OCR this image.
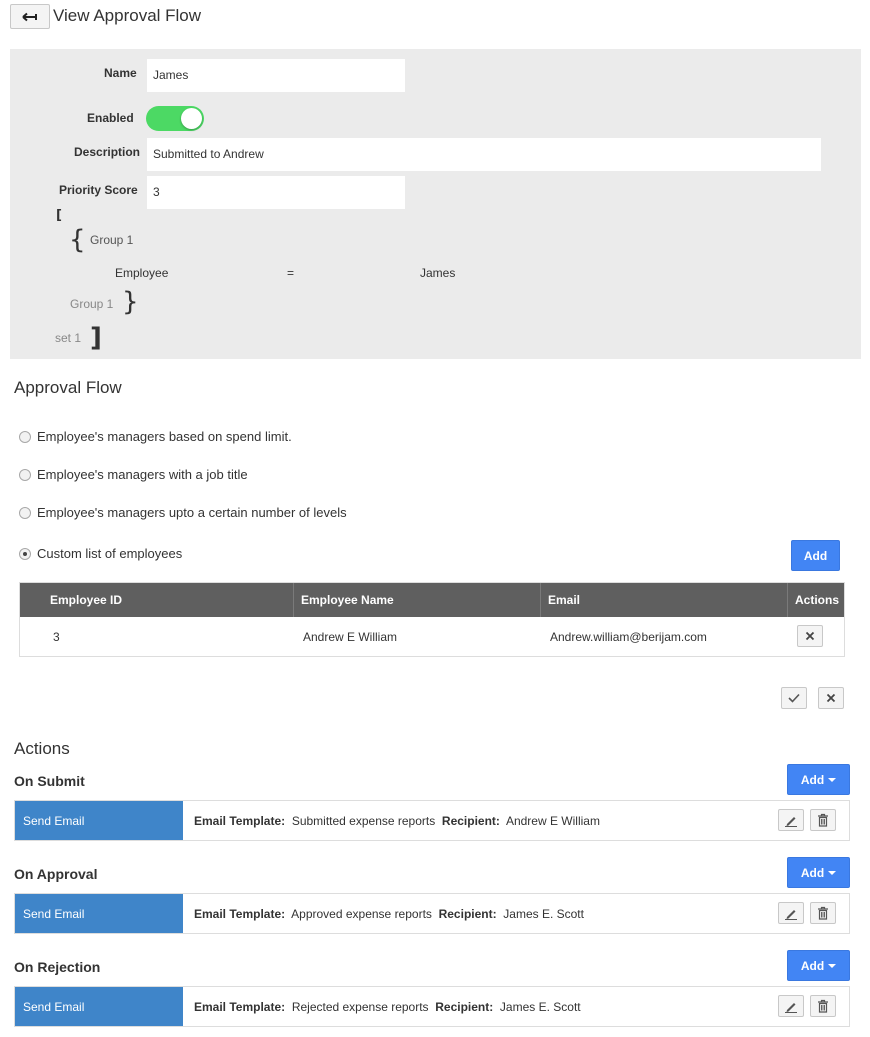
View Approval Flow
Name
James
Enabled
Description
Submitted to Andrew
Priority Score
3
[
{ Group 1
Employee	=	James
Group 1 }
set 1 ]
Approval Flow
Employee's managers based on spend limit.
Employee's managers with a job title
Employee's managers upto a certain number of levels
Custom list of employees	Add
Employee ID	Employee Name	Email	Actions
3	Andrew E William	Andrew.william@berijam.com
Actions
On Submit	Add
Send Email	Email Template: Submitted expense reports Recipient: Andrew E William
On Approval	Add
Send Email	Email Template: Approved expense reports Recipient: James E. Scott
On Rejection	Add
Send Email	Email Template: Rejected expense reports Recipient: James E. Scott
